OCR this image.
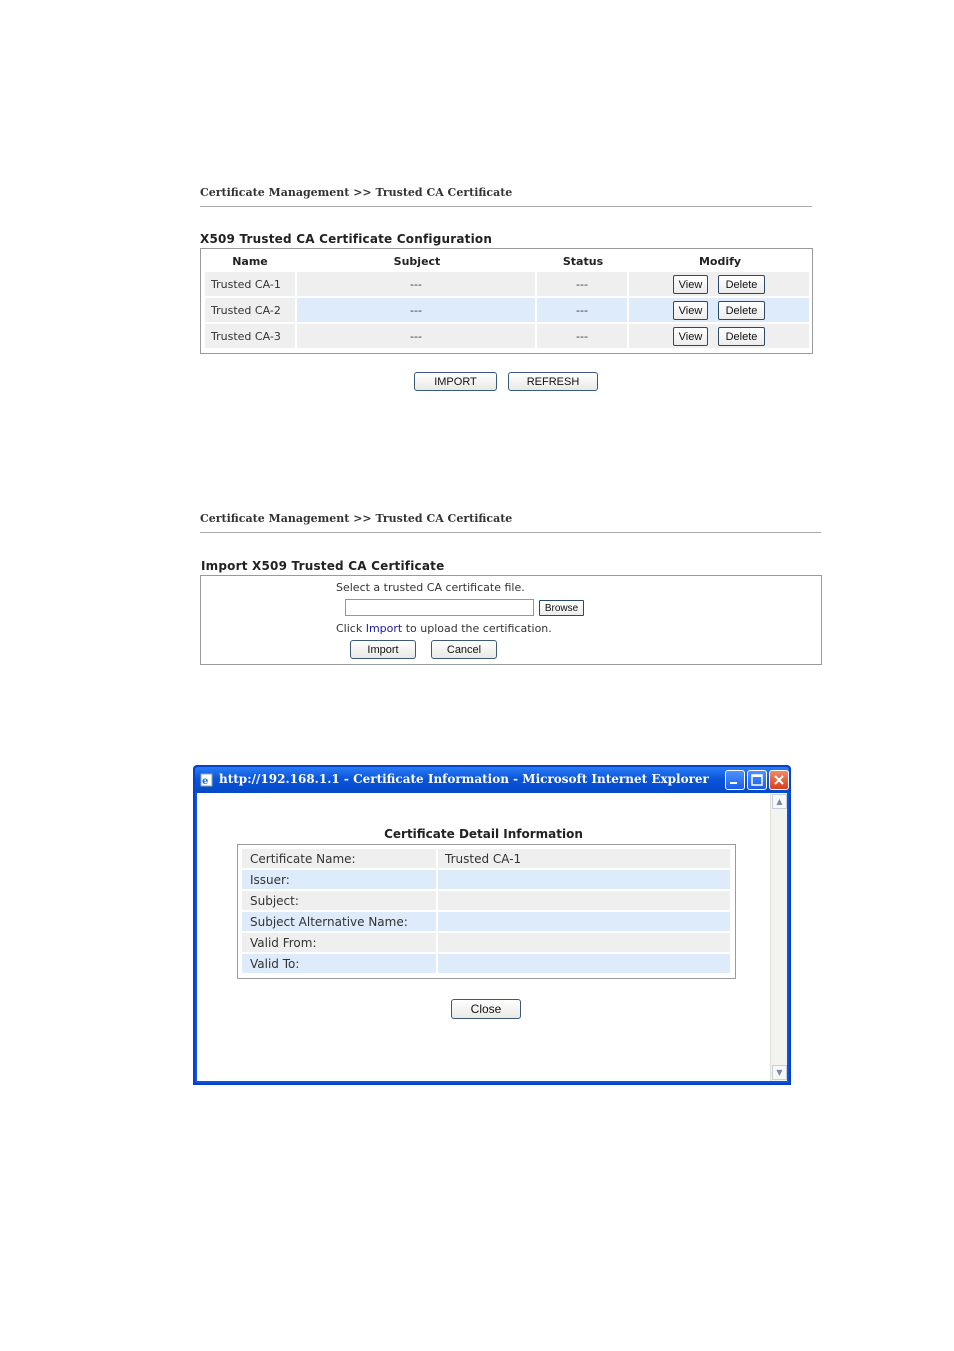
Certificate Management >> Trusted CA Certificate
X509 Trusted CA Certificate Configuration
Name	Subject	Status	Modify
Trusted CA-1	---	---	View	Delete
Trusted CA-2	---	---	View	Delete
Trusted CA-3	---	---	View	Delete
IMPORT	REFRESH
Certificate Management >> Trusted CA Certificate
Import X509 Trusted CA Certificate
Select a trusted CA certificate file.
Browse
Click Import to upload the certification.
Import	Cancel
e http://192.168.1.1 - Certificate Information - Microsoft Internet Explorer
Certificate Detail Information
Certificate Name:	Trusted CA-1
Issuer:
Subject:
Subject Alternative Name:
Valid From:
Valid To:
Close
▲
▼
